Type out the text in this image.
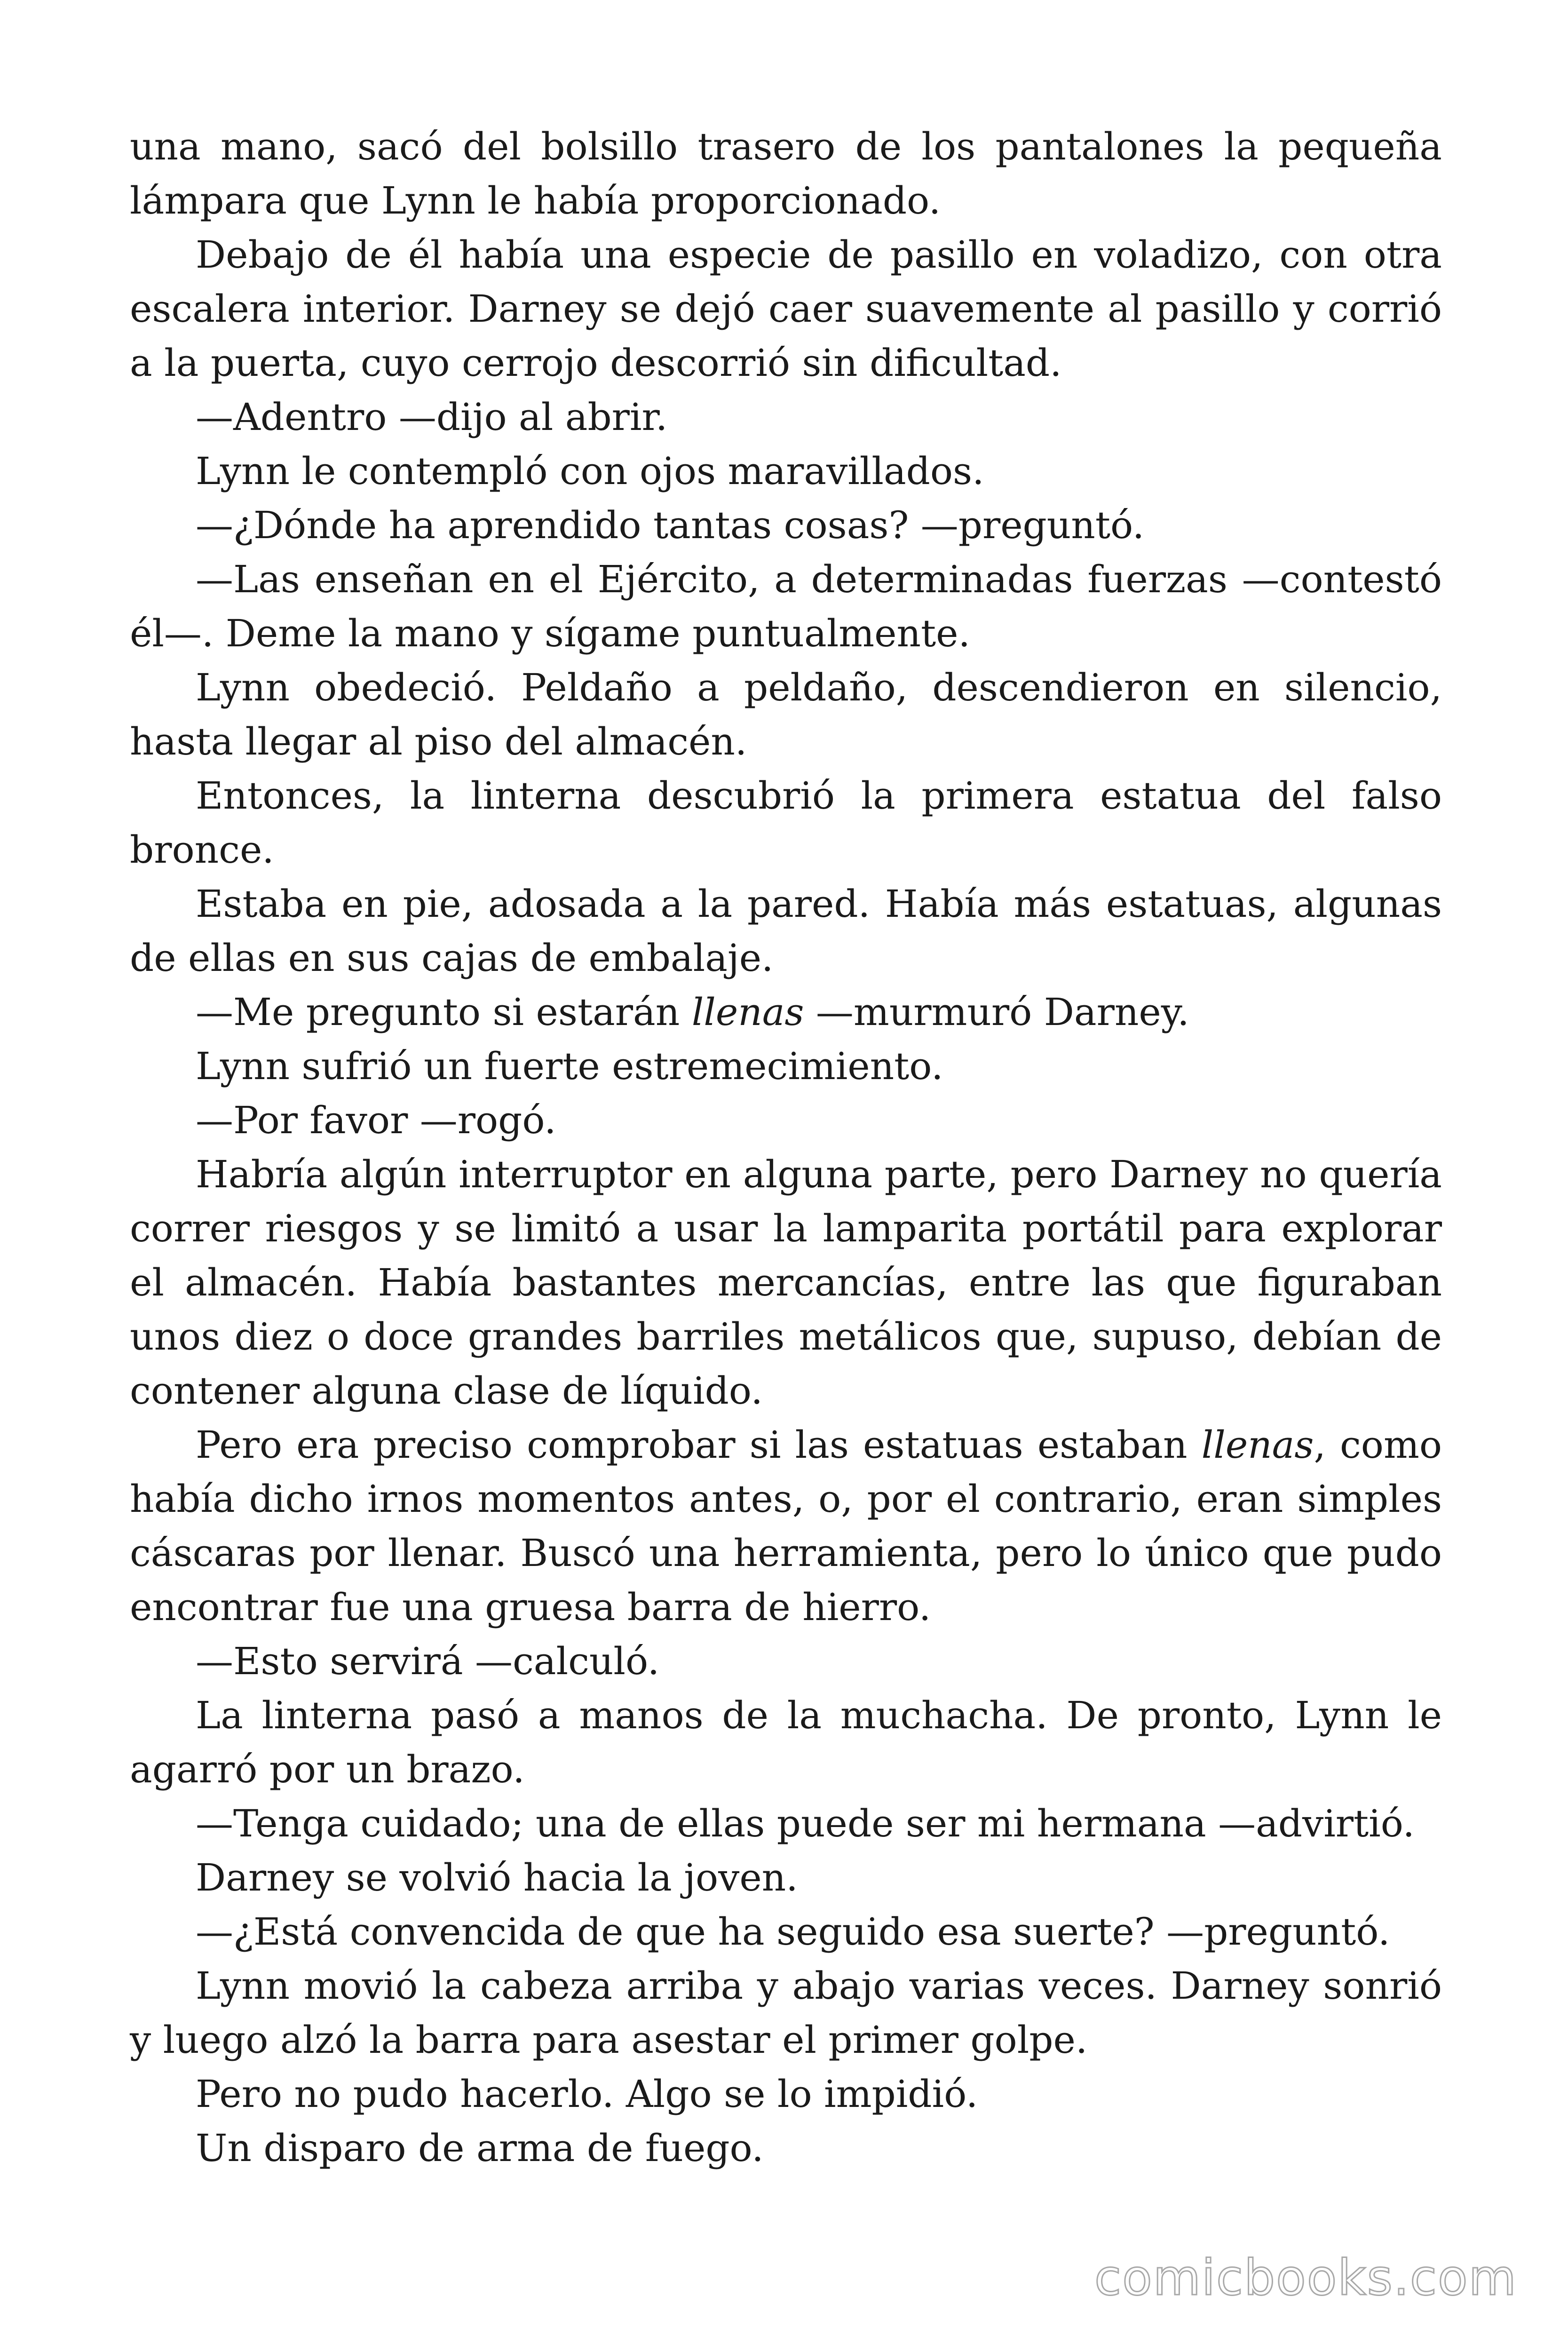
una mano, sacó del bolsillo trasero de los pantalones la pequeña lámpara que Lynn le había proporcionado.

Debajo de él había una especie de pasillo en voladizo, con otra escalera interior. Darney se dejó caer suavemente al pasillo y corrió a la puerta, cuyo cerrojo descorrió sin dificultad.

—Adentro —dijo al abrir.

Lynn le contempló con ojos maravillados.

—¿Dónde ha aprendido tantas cosas? —preguntó.

—Las enseñan en el Ejército, a determinadas fuerzas —contestó él—. Deme la mano y sígame puntualmente.

Lynn obedeció. Peldaño a peldaño, descendieron en silencio, hasta llegar al piso del almacén.

Entonces, la linterna descubrió la primera estatua del falso bronce.

Estaba en pie, adosada a la pared. Había más estatuas, algunas de ellas en sus cajas de embalaje.

—Me pregunto si estarán llenas —murmuró Darney.

Lynn sufrió un fuerte estremecimiento.

—Por favor —rogó.

Habría algún interruptor en alguna parte, pero Darney no quería correr riesgos y se limitó a usar la lamparita portátil para explorar el almacén. Había bastantes mercancías, entre las que figuraban unos diez o doce grandes barriles metálicos que, supuso, debían de contener alguna clase de líquido.

Pero era preciso comprobar si las estatuas estaban llenas, como había dicho irnos momentos antes, o, por el contrario, eran simples cáscaras por llenar. Buscó una herramienta, pero lo único que pudo encontrar fue una gruesa barra de hierro.

—Esto servirá —calculó.

La linterna pasó a manos de la muchacha. De pronto, Lynn le agarró por un brazo.

—Tenga cuidado; una de ellas puede ser mi hermana —advirtió.

Darney se volvió hacia la joven.

—¿Está convencida de que ha seguido esa suerte? —preguntó.

Lynn movió la cabeza arriba y abajo varias veces. Darney sonrió y luego alzó la barra para asestar el primer golpe.

Pero no pudo hacerlo. Algo se lo impidió.

Un disparo de arma de fuego.

comicbooks.com
